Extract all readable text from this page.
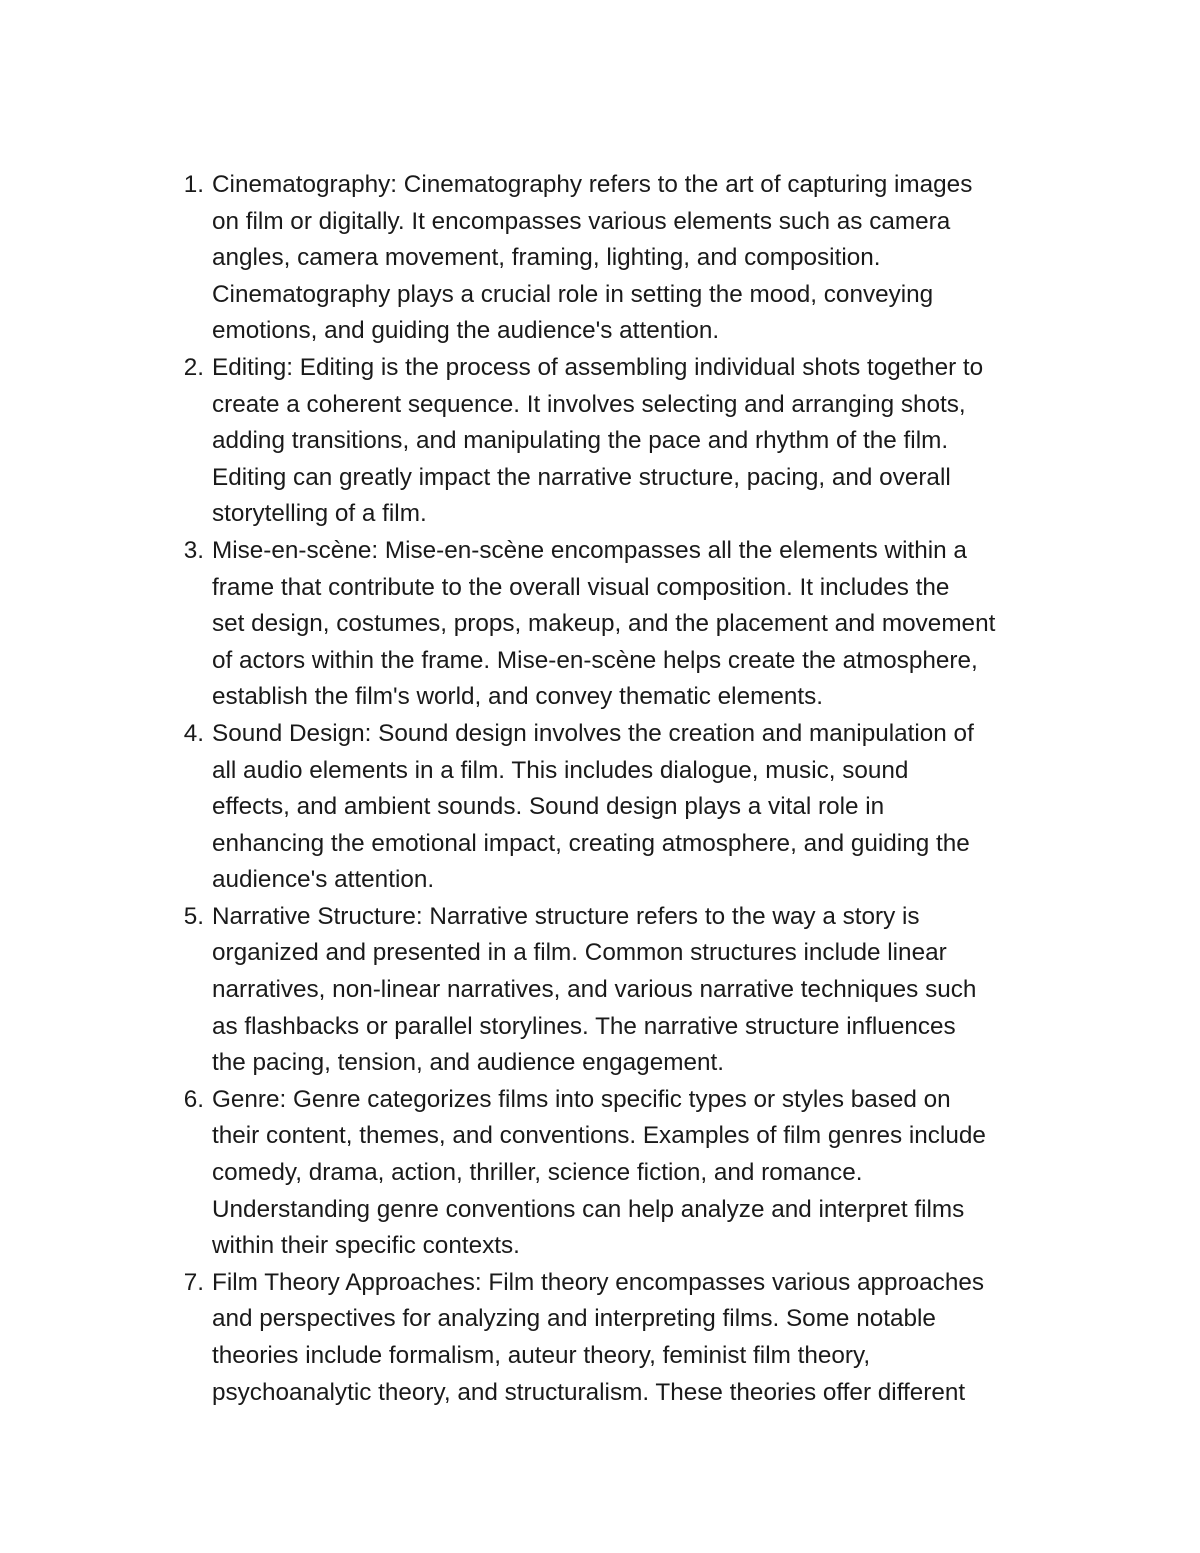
1. Cinematography: Cinematography refers to the art of capturing images
on film or digitally. It encompasses various elements such as camera
angles, camera movement, framing, lighting, and composition.
Cinematography plays a crucial role in setting the mood, conveying
emotions, and guiding the audience's attention.
2. Editing: Editing is the process of assembling individual shots together to
create a coherent sequence. It involves selecting and arranging shots,
adding transitions, and manipulating the pace and rhythm of the film.
Editing can greatly impact the narrative structure, pacing, and overall
storytelling of a film.
3. Mise-en-scène: Mise-en-scène encompasses all the elements within a
frame that contribute to the overall visual composition. It includes the
set design, costumes, props, makeup, and the placement and movement
of actors within the frame. Mise-en-scène helps create the atmosphere,
establish the film's world, and convey thematic elements.
4. Sound Design: Sound design involves the creation and manipulation of
all audio elements in a film. This includes dialogue, music, sound
effects, and ambient sounds. Sound design plays a vital role in
enhancing the emotional impact, creating atmosphere, and guiding the
audience's attention.
5. Narrative Structure: Narrative structure refers to the way a story is
organized and presented in a film. Common structures include linear
narratives, non-linear narratives, and various narrative techniques such
as flashbacks or parallel storylines. The narrative structure influences
the pacing, tension, and audience engagement.
6. Genre: Genre categorizes films into specific types or styles based on
their content, themes, and conventions. Examples of film genres include
comedy, drama, action, thriller, science fiction, and romance.
Understanding genre conventions can help analyze and interpret films
within their specific contexts.
7. Film Theory Approaches: Film theory encompasses various approaches
and perspectives for analyzing and interpreting films. Some notable
theories include formalism, auteur theory, feminist film theory,
psychoanalytic theory, and structuralism. These theories offer different
